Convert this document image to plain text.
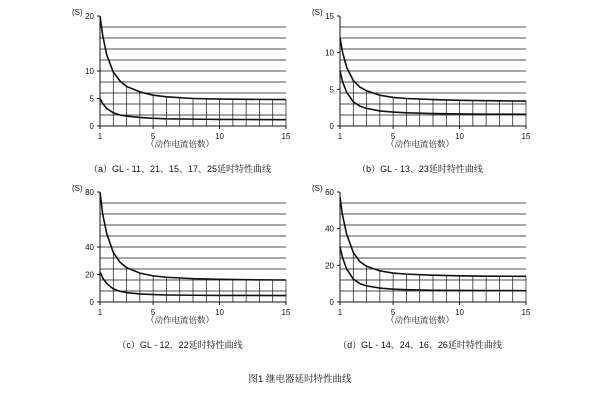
(S)
0
5
10
20
1	5	10	15
（动作电流倍数）
（a）GL - 11、21、15、17、25延时特性曲线
(S)
0
5
10
15
1	5	10	15
（动作电流倍数）
（b）GL - 13、23延时特性曲线
(S)
0
20
40
80
1	5	10	15
（动作电流倍数）
（c）GL - 12、22延时特性曲线
(S)
0
20
40
60
1	5	10	15
（动作电流倍数）
（d）GL - 14、24、16、26延时特性曲线
图1 继电器延时特性曲线
